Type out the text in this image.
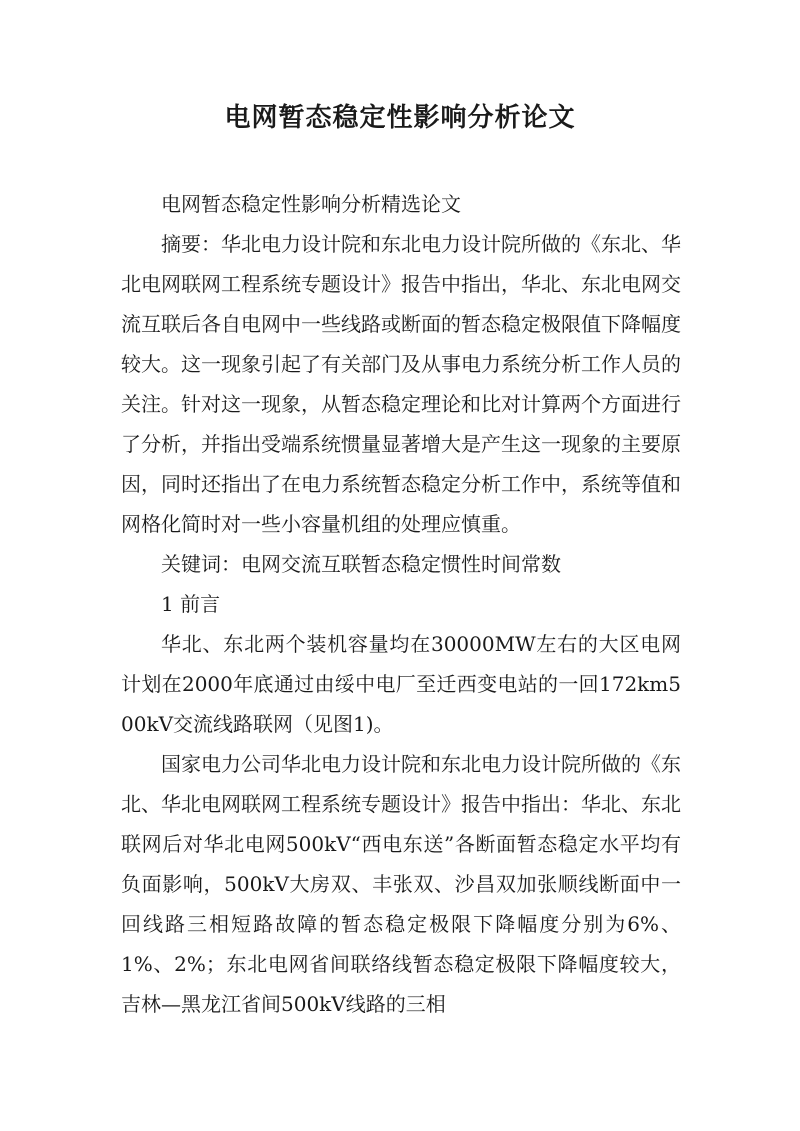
电网暂态稳定性影响分析论文

电网暂态稳定性影响分析精选论文

摘要：华北电力设计院和东北电力设计院所做的《东北、华北电网联网工程系统专题设计》报告中指出，华北、东北电网交流互联后各自电网中一些线路或断面的暂态稳定极限值下降幅度较大。这一现象引起了有关部门及从事电力系统分析工作人员的关注。针对这一现象，从暂态稳定理论和比对计算两个方面进行了分析，并指出受端系统惯量显著增大是产生这一现象的主要原因，同时还指出了在电力系统暂态稳定分析工作中，系统等值和网格化简时对一些小容量机组的处理应慎重。

关键词：电网交流互联暂态稳定惯性时间常数

1 前言

华北、东北两个装机容量均在30000MW左右的大区电网计划在2000年底通过由绥中电厂至迁西变电站的一回172km500kV交流线路联网（见图1)。

国家电力公司华北电力设计院和东北电力设计院所做的《东北、华北电网联网工程系统专题设计》报告中指出：华北、东北联网后对华北电网500kV“西电东送”各断面暂态稳定水平均有负面影响，500kV大房双、丰张双、沙昌双加张顺线断面中一回线路三相短路故障的暂态稳定极限下降幅度分别为6%、1%、2%；东北电网省间联络线暂态稳定极限下降幅度较大，吉林—黑龙江省间500kV线路的三相
